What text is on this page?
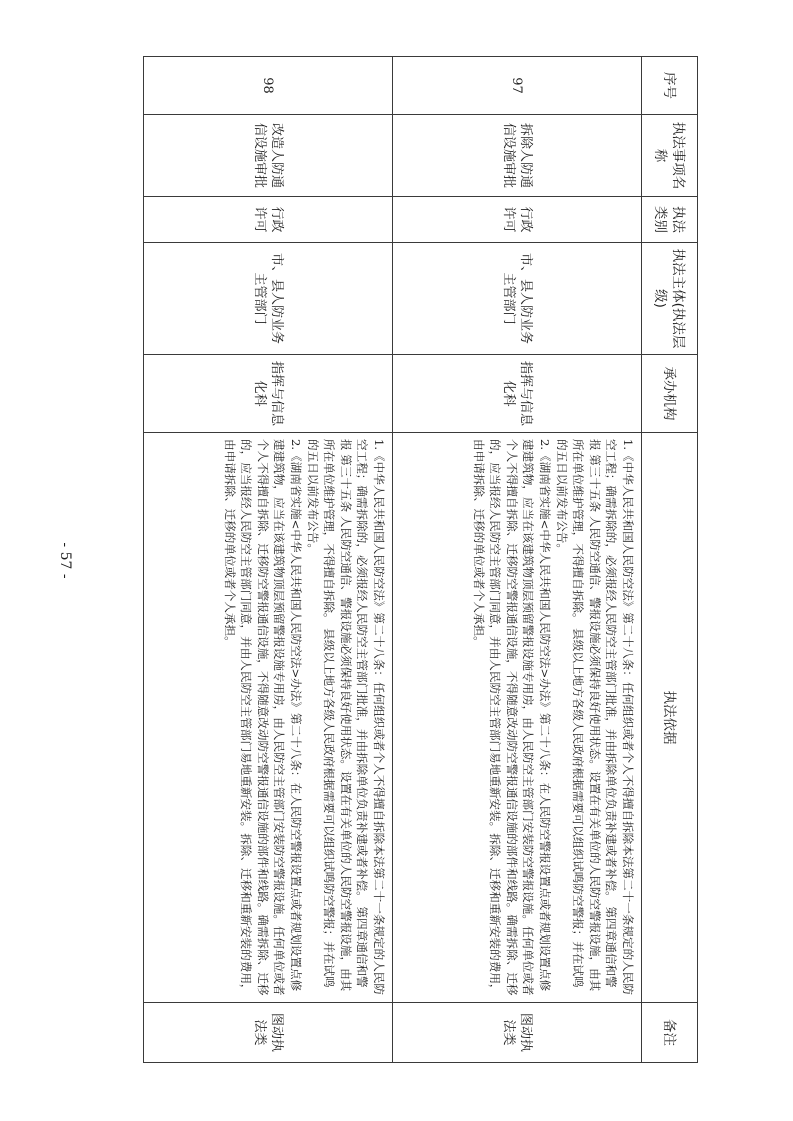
序号	执法事项名称	执法类别	执法主体(执法层级)	承办机构	执法依据	备注
97	拆除人防通信设施审批	行政许可	市、县人防业务主管部门	指挥与信息化科	1.《中华人民共和国人民防空法》第二十八条：任何组织或者个人不得擅自拆除本法第二十一条规定的人民防空工程；确需拆除的，必须报经人民防空主管部门批准，并由拆除单位负责补建或者补偿。 第四章通信和警报 第三十五条 人民防空通信、警报设施必须保持良好使用状态。设置在有关单位的人民防空警报设施，由其所在单位维护管理，不得擅自拆除。 县级以上地方各级人民政府根据需要可以组织试鸣防空警报；并在试鸣的五日以前发布公告。

2.《湖南省实施<中华人民共和国人民防空法>办法》第二十八条：在人民防空警报设置点或者规划设置点修建建筑物，应当在该建筑物顶层预留警报设施专用房，由人民防空主管部门安装防空警报设施。任何单位或者个人不得擅自拆除、迁移防空警报通信设施，不得随意改动防空警报通信设施的部件和线路。确需拆除、迁移的，应当报经人民防空主管部门同意，并由人民防空主管部门易地重新安装。拆除、迁移和重新安装的费用，由申请拆除、迁移的单位或者个人承担。	图动执法类
98	改造人防通信设施审批	行政许可	市、县人防业务主管部门	指挥与信息化科	1.《中华人民共和国人民防空法》第二十八条：任何组织或者个人不得擅自拆除本法第二十一条规定的人民防空工程；确需拆除的，必须报经人民防空主管部门批准，并由拆除单位负责补建或者补偿。 第四章通信和警报 第三十五条 人民防空通信、警报设施必须保持良好使用状态。设置在有关单位的人民防空警报设施，由其所在单位维护管理，不得擅自拆除。 县级以上地方各级人民政府根据需要可以组织试鸣防空警报；并在试鸣的五日以前发布公告。

2.《湖南省实施<中华人民共和国人民防空法>办法》第二十八条：在人民防空警报设置点或者规划设置点修建建筑物，应当在该建筑物顶层预留警报设施专用房，由人民防空主管部门安装防空警报设施。任何单位或者个人不得擅自拆除、迁移防空警报通信设施，不得随意改动防空警报通信设施的部件和线路。确需拆除、迁移的，应当报经人民防空主管部门同意，并由人民防空主管部门易地重新安装。拆除、迁移和重新安装的费用，由申请拆除、迁移的单位或者个人承担。	图动执法类
- 57 -
